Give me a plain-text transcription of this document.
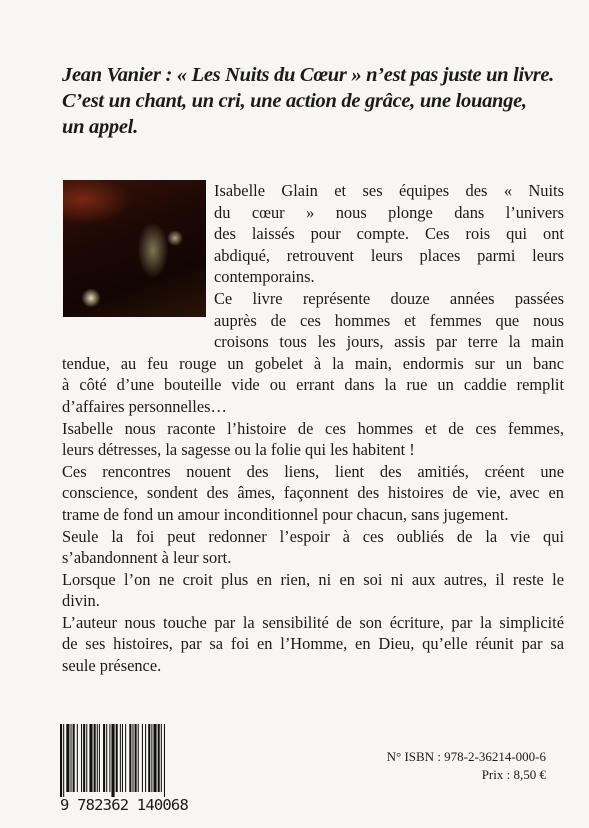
Jean Vanier : « Les Nuits du Cœur » n’est pas juste un livre.
C’est un chant, un cri, une action de grâce, une louange,
un appel.
Isabelle Glain et ses équipes des « Nuits
du cœur » nous plonge dans l’univers
des laissés pour compte. Ces rois qui ont
abdiqué, retrouvent leurs places parmi leurs
contemporains.
Ce livre représente douze années passées
auprès de ces hommes et femmes que nous
croisons tous les jours, assis par terre la main
tendue, au feu rouge un gobelet à la main, endormis sur un banc
à côté d’une bouteille vide ou errant dans la rue un caddie remplit
d’affaires personnelles…
Isabelle nous raconte l’histoire de ces hommes et de ces femmes,
leurs détresses, la sagesse ou la folie qui les habitent !
Ces rencontres nouent des liens, lient des amitiés, créent une
conscience, sondent des âmes, façonnent des histoires de vie, avec en
trame de fond un amour inconditionnel pour chacun, sans jugement.
Seule la foi peut redonner l’espoir à ces oubliés de la vie qui
s’abandonnent à leur sort.
Lorsque l’on ne croit plus en rien, ni en soi ni aux autres, il reste le
divin.
L’auteur nous touche par la sensibilité de son écriture, par la simplicité
de ses histoires, par sa foi en l’Homme, en Dieu, qu’elle réunit par sa
seule présence.
9 782362 140068
N° ISBN : 978-2-36214-000-6
Prix : 8,50 €
